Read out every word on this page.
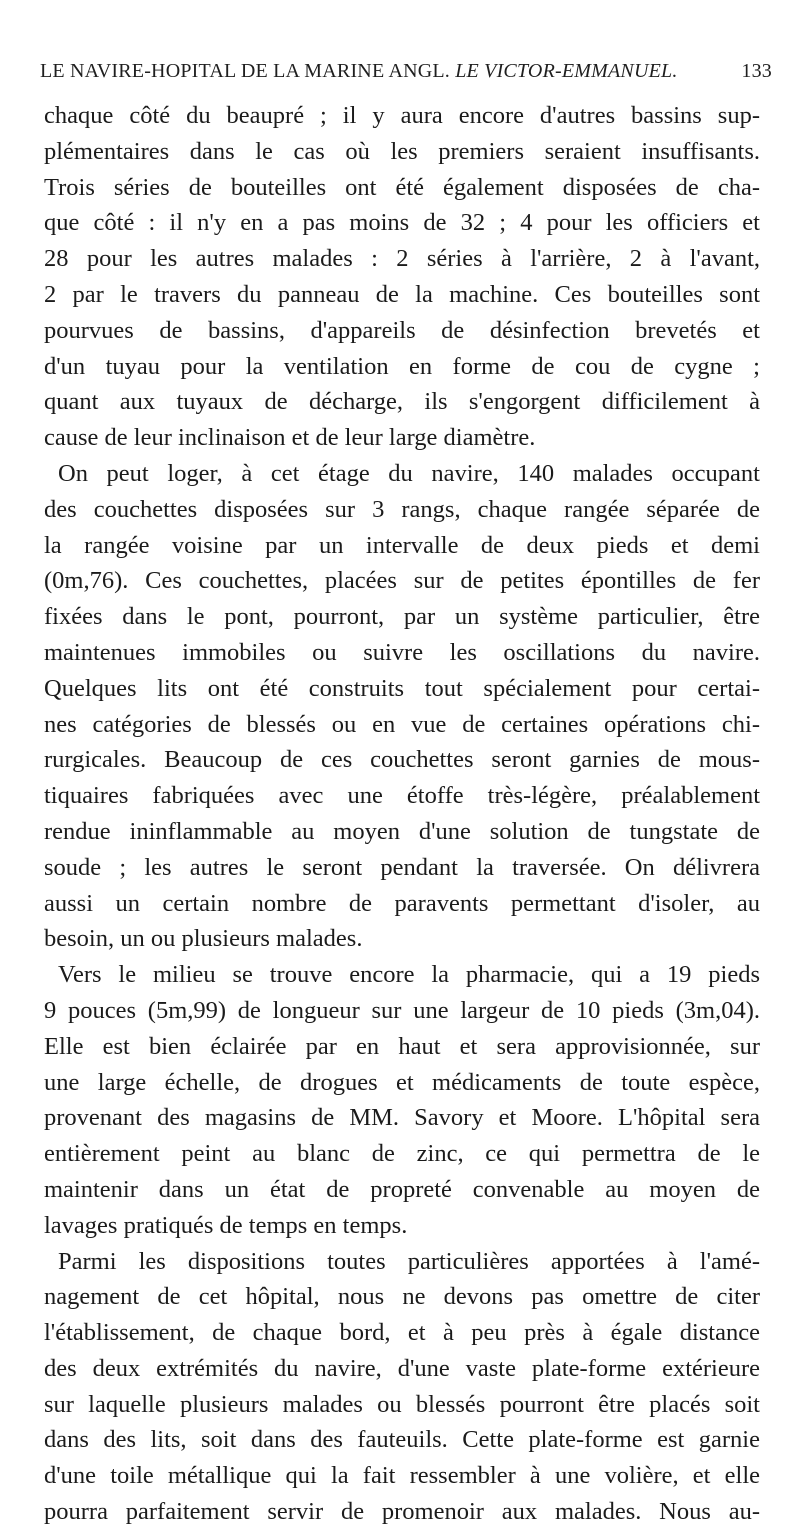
LE NAVIRE-HOPITAL DE LA MARINE ANGL. LE VICTOR-EMMANUEL.	133
chaque côté du beaupré ; il y aura encore d'autres bassins sup-
plémentaires dans le cas où les premiers seraient insuffisants.
Trois séries de bouteilles ont été également disposées de cha-
que côté : il n'y en a pas moins de 32 ; 4 pour les officiers et
28 pour les autres malades : 2 séries à l'arrière, 2 à l'avant,
2 par le travers du panneau de la machine. Ces bouteilles sont
pourvues de bassins, d'appareils de désinfection brevetés et
d'un tuyau pour la ventilation en forme de cou de cygne ;
quant aux tuyaux de décharge, ils s'engorgent difficilement à
cause de leur inclinaison et de leur large diamètre.
On peut loger, à cet étage du navire, 140 malades occupant
des couchettes disposées sur 3 rangs, chaque rangée séparée de
la rangée voisine par un intervalle de deux pieds et demi
(0m,76). Ces couchettes, placées sur de petites épontilles de fer
fixées dans le pont, pourront, par un système particulier, être
maintenues immobiles ou suivre les oscillations du navire.
Quelques lits ont été construits tout spécialement pour certai-
nes catégories de blessés ou en vue de certaines opérations chi-
rurgicales. Beaucoup de ces couchettes seront garnies de mous-
tiquaires fabriquées avec une étoffe très-légère, préalablement
rendue ininflammable au moyen d'une solution de tungstate de
soude ; les autres le seront pendant la traversée. On délivrera
aussi un certain nombre de paravents permettant d'isoler, au
besoin, un ou plusieurs malades.
Vers le milieu se trouve encore la pharmacie, qui a 19 pieds
9 pouces (5m,99) de longueur sur une largeur de 10 pieds (3m,04).
Elle est bien éclairée par en haut et sera approvisionnée, sur
une large échelle, de drogues et médicaments de toute espèce,
provenant des magasins de MM. Savory et Moore. L'hôpital sera
entièrement peint au blanc de zinc, ce qui permettra de le
maintenir dans un état de propreté convenable au moyen de
lavages pratiqués de temps en temps.
Parmi les dispositions toutes particulières apportées à l'amé-
nagement de cet hôpital, nous ne devons pas omettre de citer
l'établissement, de chaque bord, et à peu près à égale distance
des deux extrémités du navire, d'une vaste plate-forme extérieure
sur laquelle plusieurs malades ou blessés pourront être placés soit
dans des lits, soit dans des fauteuils. Cette plate-forme est garnie
d'une toile métallique qui la fait ressembler à une volière, et elle
pourra parfaitement servir de promenoir aux malades. Nous au-
